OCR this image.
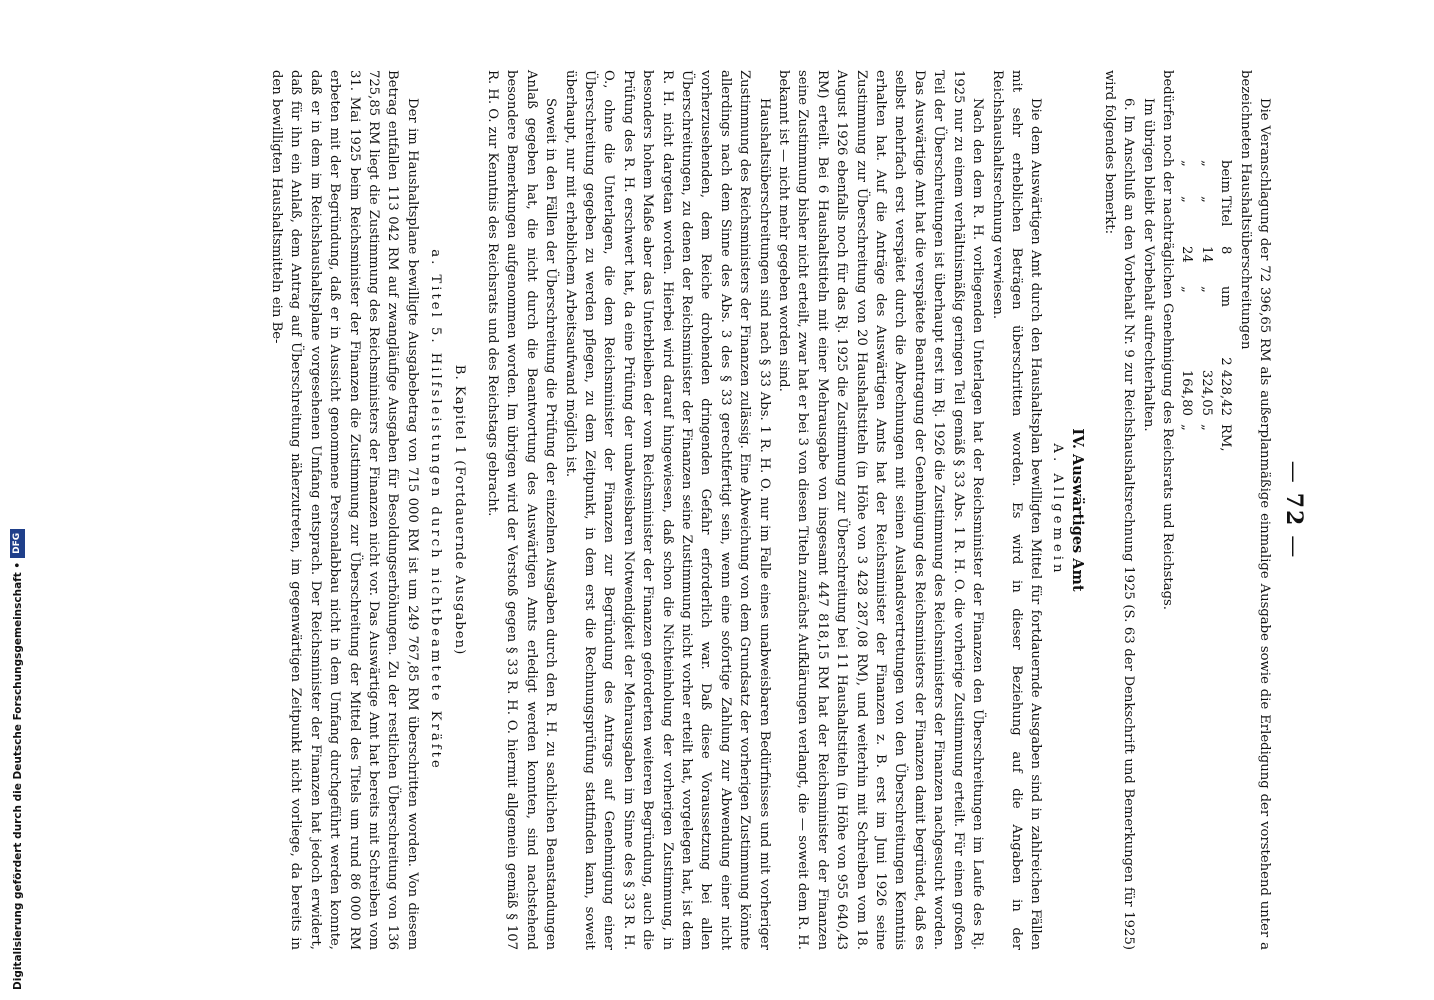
Digitalisierung gefördert durch die Deutsche Forschungsgemeinschaft •
DFG
— 72 —

Die Veranschlagung der 72 396,65 RM als außerplanmäßige einmalige Ausgabe sowie die Erledigung der vorstehend unter a bezeichneten Haushaltsüberschreitungen

beim
Titel
8
um
2 428,42
RM,
„
„
14
„
324,05
„
„
„
24
„
164,80
„

bedürfen noch der nachträglichen Genehmigung des Reichsrats und Reichstags.

Im übrigen bleibt der Vorbehalt aufrechterhalten.

6. Im Anschluß an den Vorbehalt Nr. 9 zur Reichshaushaltsrechnung 1925 (S. 63 der Denkschrift und Bemerkungen für 1925) wird folgendes bemerkt:

IV. Auswärtiges Amt
A. Allgemein

Die dem Auswärtigen Amt durch den Haushaltsplan bewilligten Mittel für fortdauernde Ausgaben sind in zahlreichen Fällen mit sehr erheblichen Beträgen überschritten worden. Es wird in dieser Beziehung auf die Angaben in der Reichshaushaltsrechnung verwiesen.

Nach den dem R. H. vorliegenden Unterlagen hat der Reichsminister der Finanzen den Überschreitungen im Laufe des Rj. 1925 nur zu einem verhältnismäßig geringen Teil gemäß § 33 Abs. 1 R. H. O. die vorherige Zustimmung erteilt. Für einen großen Teil der Überschreitungen ist überhaupt erst im Rj. 1926 die Zustimmung des Reichsministers der Finanzen nachgesucht worden. Das Auswärtige Amt hat die verspätete Beantragung der Genehmigung des Reichsministers der Finanzen damit begründet, daß es selbst mehrfach erst verspätet durch die Abrechnungen mit seinen Auslandsvertretungen von den Überschreitungen Kenntnis erhalten hat. Auf die Anträge des Auswärtigen Amts hat der Reichsminister der Finanzen z. B. erst im Juni 1926 seine Zustimmung zur Überschreitung von 20 Haushaltstiteln (in Höhe von 3 428 287,08 RM), und weiterhin mit Schreiben vom 18. August 1926 ebenfalls noch für das Rj. 1925 die Zustimmung zur Überschreitung bei 11 Haushaltstiteln (in Höhe von 955 640,43 RM) erteilt. Bei 6 Haushaltstiteln mit einer Mehrausgabe von insgesamt 447 818,15 RM hat der Reichsminister der Finanzen seine Zustimmung bisher nicht erteilt, zwar hat er bei 3 von diesen Titeln zunächst Aufklärungen verlangt, die — soweit dem R. H. bekannt ist — nicht mehr gegeben worden sind.

Haushaltsüberschreitungen sind nach § 33 Abs. 1 R. H. O. nur im Falle eines unabweisbaren Bedürfnisses und mit vorheriger Zustimmung des Reichsministers der Finanzen zulässig. Eine Abweichung von dem Grundsatz der vorherigen Zustimmung könnte allerdings nach dem Sinne des Abs. 3 des § 33 gerechtfertigt sein, wenn eine sofortige Zahlung zur Abwendung einer nicht vorherzusehenden, dem Reiche drohenden dringenden Gefahr erforderlich war. Daß diese Voraussetzung bei allen Überschreitungen, zu denen der Reichsminister der Finanzen seine Zustimmung nicht vorher erteilt hat, vorgelegen hat, ist dem R. H. nicht dargetan worden. Hierbei wird darauf hingewiesen, daß schon die Nichteinholung der vorherigen Zustimmung, in besonders hohem Maße aber das Unterbleiben der vom Reichsminister der Finanzen geforderten weiteren Begründung, auch die Prüfung des R. H. erschwert hat, da eine Prüfung der unabweisbaren Notwendigkeit der Mehrausgaben im Sinne des § 33 R. H. O., ohne die Unterlagen, die dem Reichsminister der Finanzen zur Begründung des Antrags auf Genehmigung einer Überschreitung gegeben zu werden pflegen, zu dem Zeitpunkt, in dem erst die Rechnungsprüfung stattfinden kann, soweit überhaupt, nur mit erheblichem Arbeitsaufwand möglich ist.

Soweit in den Fällen der Überschreitung die Prüfung der einzelnen Ausgaben durch den R. H. zu sachlichen Beanstandungen Anlaß gegeben hat, die nicht durch die Beantwortung des Auswärtigen Amts erledigt werden konnten, sind nachstehend besondere Bemerkungen aufgenommen worden. Im übrigen wird der Verstoß gegen § 33 R. H. O. hiermit allgemein gemäß § 107 R. H. O. zur Kenntnis des Reichsrats und des Reichstags gebracht.

B. Kapitel 1 (Fortdauernde Ausgaben)
a. Titel 5. Hilfsleistungen durch nichtbeamtete Kräfte

Der im Haushaltsplane bewilligte Ausgabebetrag von 715 000 RM ist um 249 767,85 RM überschritten worden. Von diesem Betrag entfallen 113 042 RM auf zwangläufige Ausgaben für Besoldungserhöhungen. Zu der restlichen Überschreitung von 136 725,85 RM liegt die Zustimmung des Reichsministers der Finanzen nicht vor. Das Auswärtige Amt hat bereits mit Schreiben vom 31. Mai 1925 beim Reichsminister der Finanzen die Zustimmung zur Überschreitung der Mittel des Titels um rund 86 000 RM erbeten mit der Begründung, daß er in Aussicht genommene Personalabbau nicht in dem Umfang durchgeführt werden konnte, daß er in dem im Reichshaushaltsplane vorgesehenen Umfang entsprach. Der Reichsminister der Finanzen hat jedoch erwidert, daß für ihn ein Anlaß, dem Antrag auf Überschreitung näherzutreten, im gegenwärtigen Zeitpunkt nicht vorliege, da bereits in den bewilligten Haushaltsmitteln ein Be-
